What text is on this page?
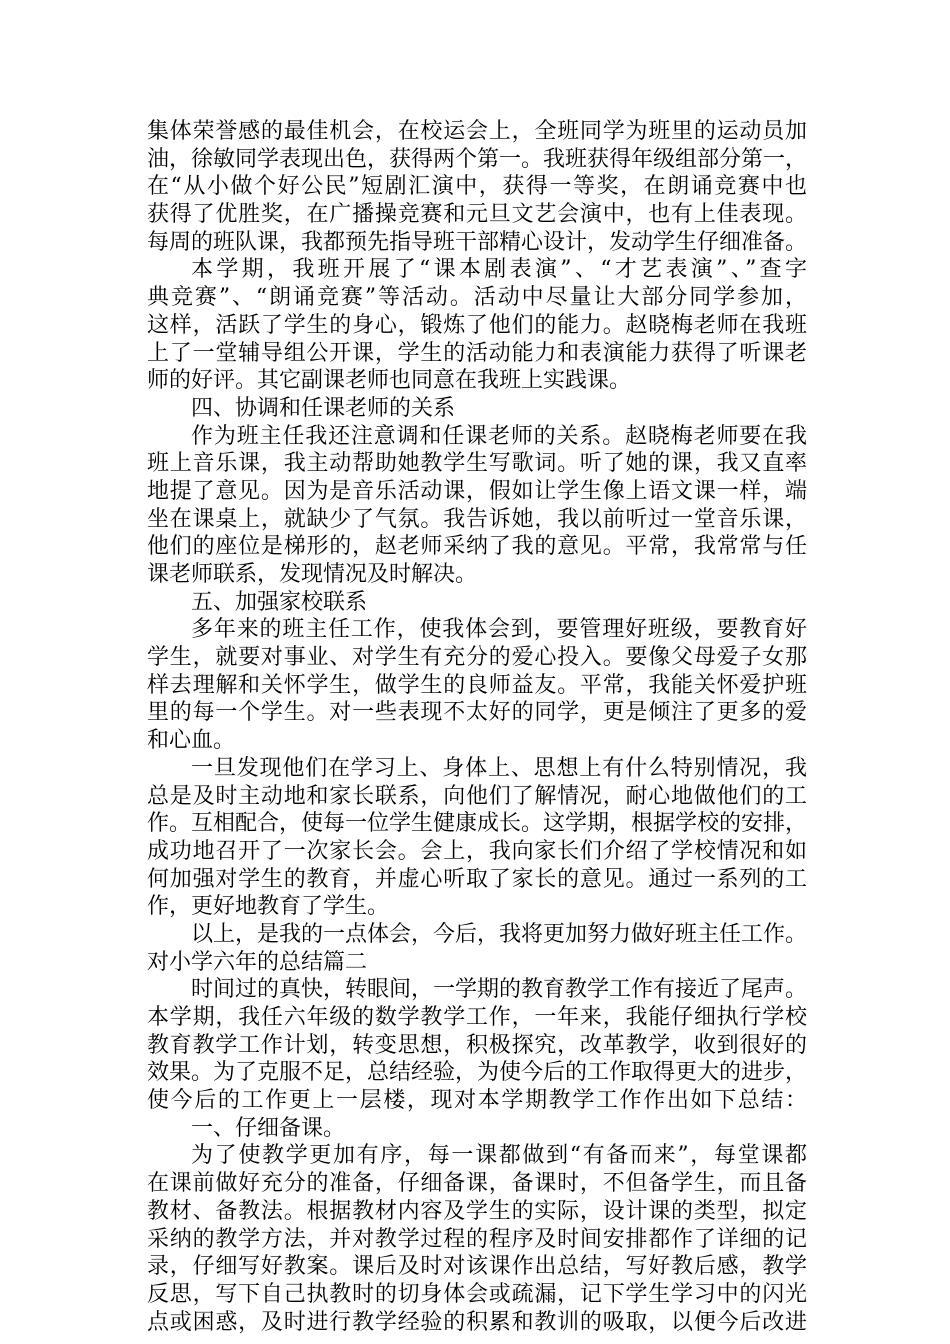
集体荣誉感的最佳机会，在校运会上，全班同学为班里的运动员加
油，徐敏同学表现出色，获得两个第一。我班获得年级组部分第一，
在“从小做个好公民”短剧汇演中，获得一等奖，在朗诵竞赛中也
获得了优胜奖，在广播操竞赛和元旦文艺会演中，也有上佳表现。
每周的班队课，我都预先指导班干部精心设计，发动学生仔细准备。
本学期，我班开展了“课本剧表演”、“才艺表演”、”查字
典竞赛”、“朗诵竞赛”等活动。活动中尽量让大部分同学参加，
这样，活跃了学生的身心，锻炼了他们的能力。赵晓梅老师在我班
上了一堂辅导组公开课，学生的活动能力和表演能力获得了听课老
师的好评。其它副课老师也同意在我班上实践课。
四、协调和任课老师的关系
作为班主任我还注意调和任课老师的关系。赵晓梅老师要在我
班上音乐课，我主动帮助她教学生写歌词。听了她的课，我又直率
地提了意见。因为是音乐活动课，假如让学生像上语文课一样，端
坐在课桌上，就缺少了气氛。我告诉她，我以前听过一堂音乐课，
他们的座位是梯形的，赵老师采纳了我的意见。平常，我常常与任
课老师联系，发现情况及时解决。
五、加强家校联系
多年来的班主任工作，使我体会到，要管理好班级，要教育好
学生，就要对事业、对学生有充分的爱心投入。要像父母爱子女那
样去理解和关怀学生，做学生的良师益友。平常，我能关怀爱护班
里的每一个学生。对一些表现不太好的同学，更是倾注了更多的爱
和心血。
一旦发现他们在学习上、身体上、思想上有什么特别情况，我
总是及时主动地和家长联系，向他们了解情况，耐心地做他们的工
作。互相配合，使每一位学生健康成长。这学期，根据学校的安排，
成功地召开了一次家长会。会上，我向家长们介绍了学校情况和如
何加强对学生的教育，并虚心听取了家长的意见。通过一系列的工
作，更好地教育了学生。
以上，是我的一点体会，今后，我将更加努力做好班主任工作。
对小学六年的总结篇二
时间过的真快，转眼间，一学期的教育教学工作有接近了尾声。
本学期，我任六年级的数学教学工作，一年来，我能仔细执行学校
教育教学工作计划，转变思想，积极探究，改革教学，收到很好的
效果。为了克服不足，总结经验，为使今后的工作取得更大的进步，
使今后的工作更上一层楼，现对本学期教学工作作出如下总结：
一、仔细备课。
为了使教学更加有序，每一课都做到“有备而来”，每堂课都
在课前做好充分的准备，仔细备课，备课时，不但备学生，而且备
教材、备教法。根据教材内容及学生的实际，设计课的类型，拟定
采纳的教学方法，并对教学过程的程序及时间安排都作了详细的记
录，仔细写好教案。课后及时对该课作出总结，写好教后感，教学
反思，写下自己执教时的切身体会或疏漏，记下学生学习中的闪光
点或困惑，及时进行教学经验的积累和教训的吸取，以便今后改进
